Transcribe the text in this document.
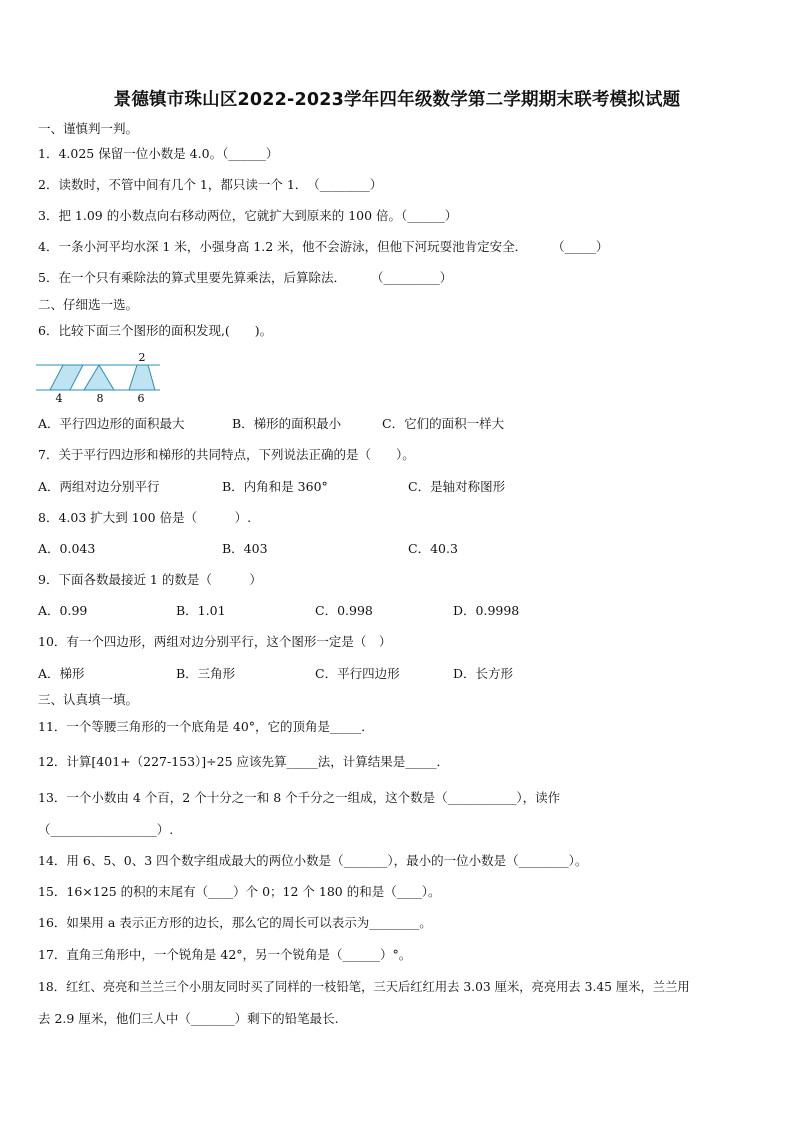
景德镇市珠山区2022-2023学年四年级数学第二学期期末联考模拟试题
一、谨慎判一判。
1．4.025 保留一位小数是 4.0。（______）
2．读数时，不管中间有几个 1，都只读一个 1．　（________）
3．把 1.09 的小数点向右移动两位，它就扩大到原来的 100 倍。（______）
4．一条小河平均水深 1 米，小强身高 1.2 米，他不会游泳，但他下河玩耍池肯定安全．　　　（_____）
5．在一个只有乘除法的算式里要先算乘法，后算除法．　　　（_________）
二、仔细选一选。
6．比较下面三个图形的面积发现,(　　)。
2
4	8	6
A．平行四边形的面积最大	B．梯形的面积最小	C．它们的面积一样大
7．关于平行四边形和梯形的共同特点，下列说法正确的是（　　）。
A．两组对边分别平行	B．内角和是 360°	C．是轴对称图形
8．4.03 扩大到 100 倍是（　　　）.
A．0.043	B．403	C．40.3
9．下面各数最接近 1 的数是（　　　）
A．0.99	B．1.01	C．0.998	D．0.9998
10．有一个四边形，两组对边分别平行，这个图形一定是（　）
A．梯形	B．三角形	C．平行四边形	D．长方形
三、认真填一填。
11．一个等腰三角形的一个底角是 40°，它的顶角是_____．
12．计算[401+（227-153）]÷25 应该先算_____法，计算结果是_____．
13．一个小数由 4 个百，2 个十分之一和 8 个千分之一组成，这个数是（___________），读作
（_________________）.
14．用 6、5、0、3 四个数字组成最大的两位小数是（_______），最小的一位小数是（________）。
15．16×125 的积的末尾有（____）个 0；12 个 180 的和是（____）。
16．如果用 a 表示正方形的边长，那么它的周长可以表示为________。
17．直角三角形中，一个锐角是 42°，另一个锐角是（______）°。
18．红红、亮亮和兰兰三个小朋友同时买了同样的一枝铅笔，三天后红红用去 3.03 厘米，亮亮用去 3.45 厘米，兰兰用
去 2.9 厘米，他们三人中（_______）剩下的铅笔最长.
